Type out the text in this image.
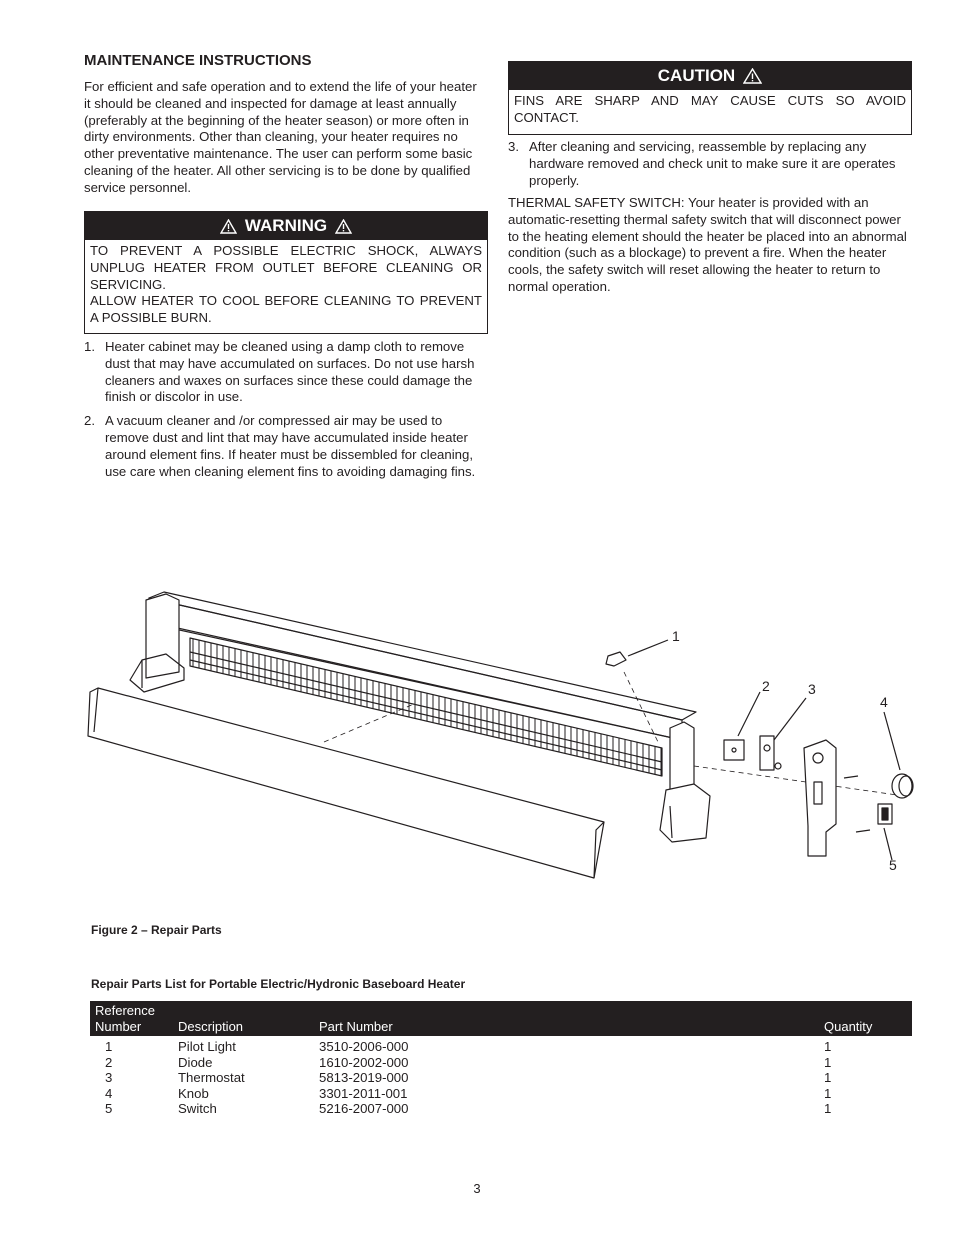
MAINTENANCE INSTRUCTIONS
For efficient and safe operation and to extend the life of your heater it should be cleaned and inspected for damage at least annually (preferably at the beginning of the heater season) or more often in dirty environments. Other than cleaning, your heater requires no other preventative maintenance. The user can perform some basic cleaning of the heater. All other servicing is to be done by qualified service personnel.
WARNING
TO PREVENT A POSSIBLE ELECTRIC SHOCK, ALWAYS UNPLUG HEATER FROM OUTLET BEFORE CLEANING OR SERVICING.
ALLOW HEATER TO COOL BEFORE CLEANING TO PREVENT A POSSIBLE BURN.
1. Heater cabinet may be cleaned using a damp cloth to remove dust that may have accumulated on surfaces. Do not use harsh cleaners and waxes on surfaces since these could damage the finish or discolor in use.
2. A vacuum cleaner and /or compressed air may be used to remove dust and lint that may have accumulated inside heater around element fins. If heater must be dissembled for cleaning, use care when cleaning element fins to avoiding damaging fins.
CAUTION
FINS ARE SHARP AND MAY CAUSE CUTS SO AVOID CONTACT.
3. After cleaning and servicing, reassemble by replacing any hardware removed and check unit to make sure it are operates properly.
THERMAL SAFETY SWITCH: Your heater is provided with an automatic-resetting thermal safety switch that will disconnect power to the heating element should the heater be placed into an abnormal condition (such as a blockage) to prevent a fire. When the heater cools, the safety switch will reset allowing the heater to return to normal operation.
1
2	3
4
5
Figure 2 – Repair Parts
Repair Parts List for Portable Electric/Hydronic Baseboard Heater
Reference
Number	Description	Part Number	Quantity
1	Pilot Light	3510-2006-000	1
2	Diode	1610-2002-000	1
3	Thermostat	5813-2019-000	1
4	Knob	3301-2011-001	1
5	Switch	5216-2007-000	1
3
